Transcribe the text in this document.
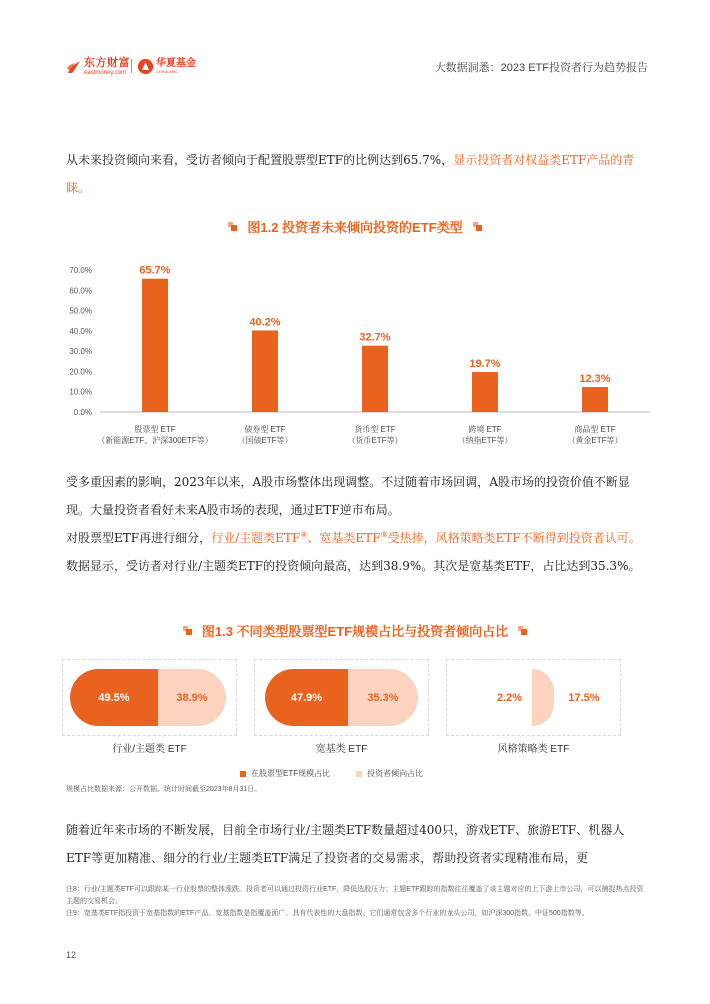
东方财富
eastmoney.com
华夏基金
CHINA AMC	大数据洞悉：2023 ETF投资者行为趋势报告
从未来投资倾向来看，受访者倾向于配置股票型ETF的比例达到65.7%，显示投资者对权益类ETF产品的青睐。
图1.2 投资者未来倾向投资的ETF类型
0.0%
10.0%
20.0%
30.0%
40.0%
50.0%
60.0%
70.0%	65.7%
股票型 ETF
（新能源ETF、沪深300ETF等）
40.2%
债券型 ETF
（国债ETF等）
32.7%
货币型 ETF
（货币ETF等）
19.7%
跨境 ETF
（纳指ETF等）
12.3%
商品型 ETF
（黄金ETF等）
受多重因素的影响，2023年以来，A股市场整体出现调整。不过随着市场回调，A股市场的投资价值不断显现。大量投资者看好未来A股市场的表现，通过ETF逆市布局。
对股票型ETF再进行细分，行业/主题类ETF⑧、宽基类ETF⑨受热捧，风格策略类ETF不断得到投资者认可。数据显示，受访者对行业/主题类ETF的投资倾向最高，达到38.9%。其次是宽基类ETF，占比达到35.3%。
图1.3 不同类型股票型ETF规模占比与投资者倾向占比
49.5%	38.9%
行业/主题类 ETF
47.9%	35.3%
宽基类 ETF
2.2%	17.5%
风格策略类 ETF
在股票型ETF规模占比	投资者倾向占比
规模占比数据来源：公开数据。统计时间截至2023年8月31日。
随着近年来市场的不断发展，目前全市场行业/主题类ETF数量超过400只，游戏ETF、旅游ETF、机器人ETF等更加精准、细分的行业/主题类ETF满足了投资者的交易需求，帮助投资者实现精准布局，更
注8：行业/主题类ETF可以跟踪某一行业股票的整体涨跌。投资者可以通过投资行业ETF，降低选股压力；主题ETF跟踪的指数往往覆盖了该主题对应的上下游上市公司，可以捕捉热点投资主题的交易机会。
注9：宽基类ETF指投资于宽基指数的ETF产品。宽基指数是指覆盖面广、具有代表性的大盘指数。它们通常包含多个行业的龙头公司，如沪深300指数、中证500指数等。
12
